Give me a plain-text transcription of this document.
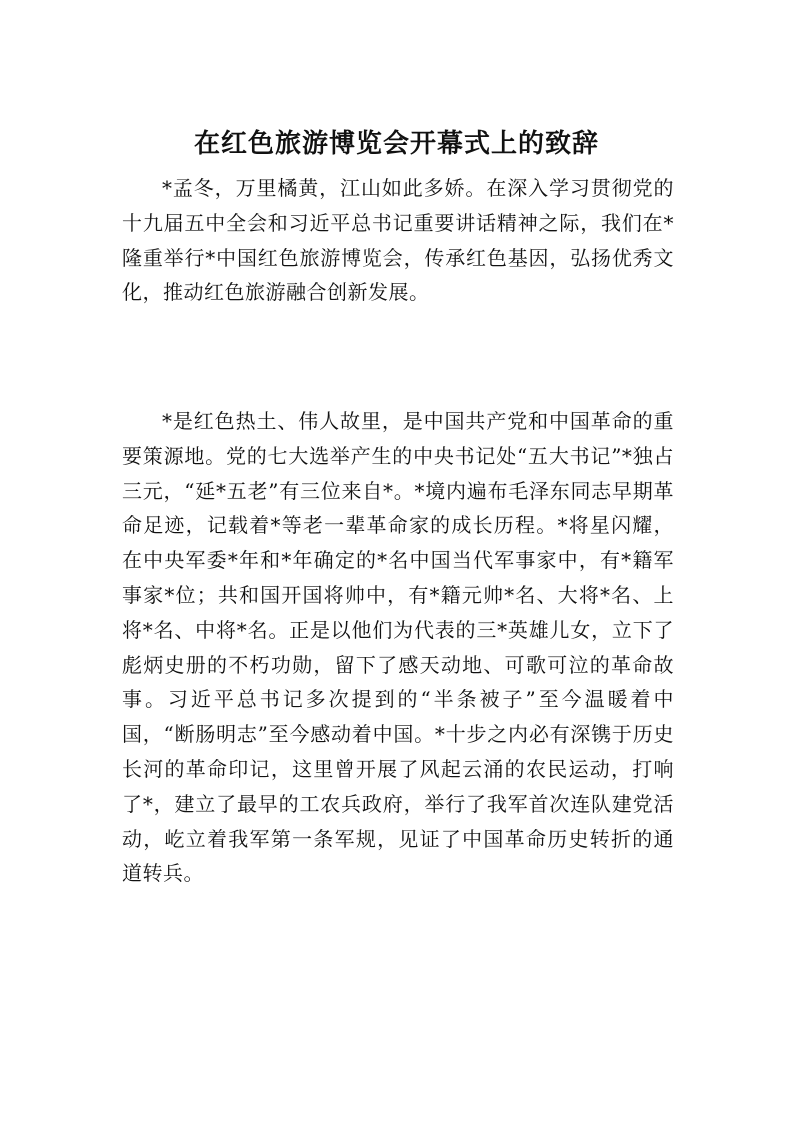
在红色旅游博览会开幕式上的致辞

*孟冬，万里橘黄，江山如此多娇。在深入学习贯彻党的十九届五中全会和习近平总书记重要讲话精神之际，我们在*隆重举行*中国红色旅游博览会，传承红色基因，弘扬优秀文化，推动红色旅游融合创新发展。

*是红色热土、伟人故里，是中国共产党和中国革命的重要策源地。党的七大选举产生的中央书记处“五大书记”*独占三元，“延*五老”有三位来自*。*境内遍布毛泽东同志早期革命足迹，记载着*等老一辈革命家的成长历程。*将星闪耀，在中央军委*年和*年确定的*名中国当代军事家中，有*籍军事家*位；共和国开国将帅中，有*籍元帅*名、大将*名、上将*名、中将*名。正是以他们为代表的三*英雄儿女，立下了彪炳史册的不朽功勋，留下了感天动地、可歌可泣的革命故事。习近平总书记多次提到的“半条被子”至今温暖着中国，“断肠明志”至今感动着中国。*十步之内必有深镌于历史长河的革命印记，这里曾开展了风起云涌的农民运动，打响了*，建立了最早的工农兵政府，举行了我军首次连队建党活动，屹立着我军第一条军规，见证了中国革命历史转折的通道转兵。
